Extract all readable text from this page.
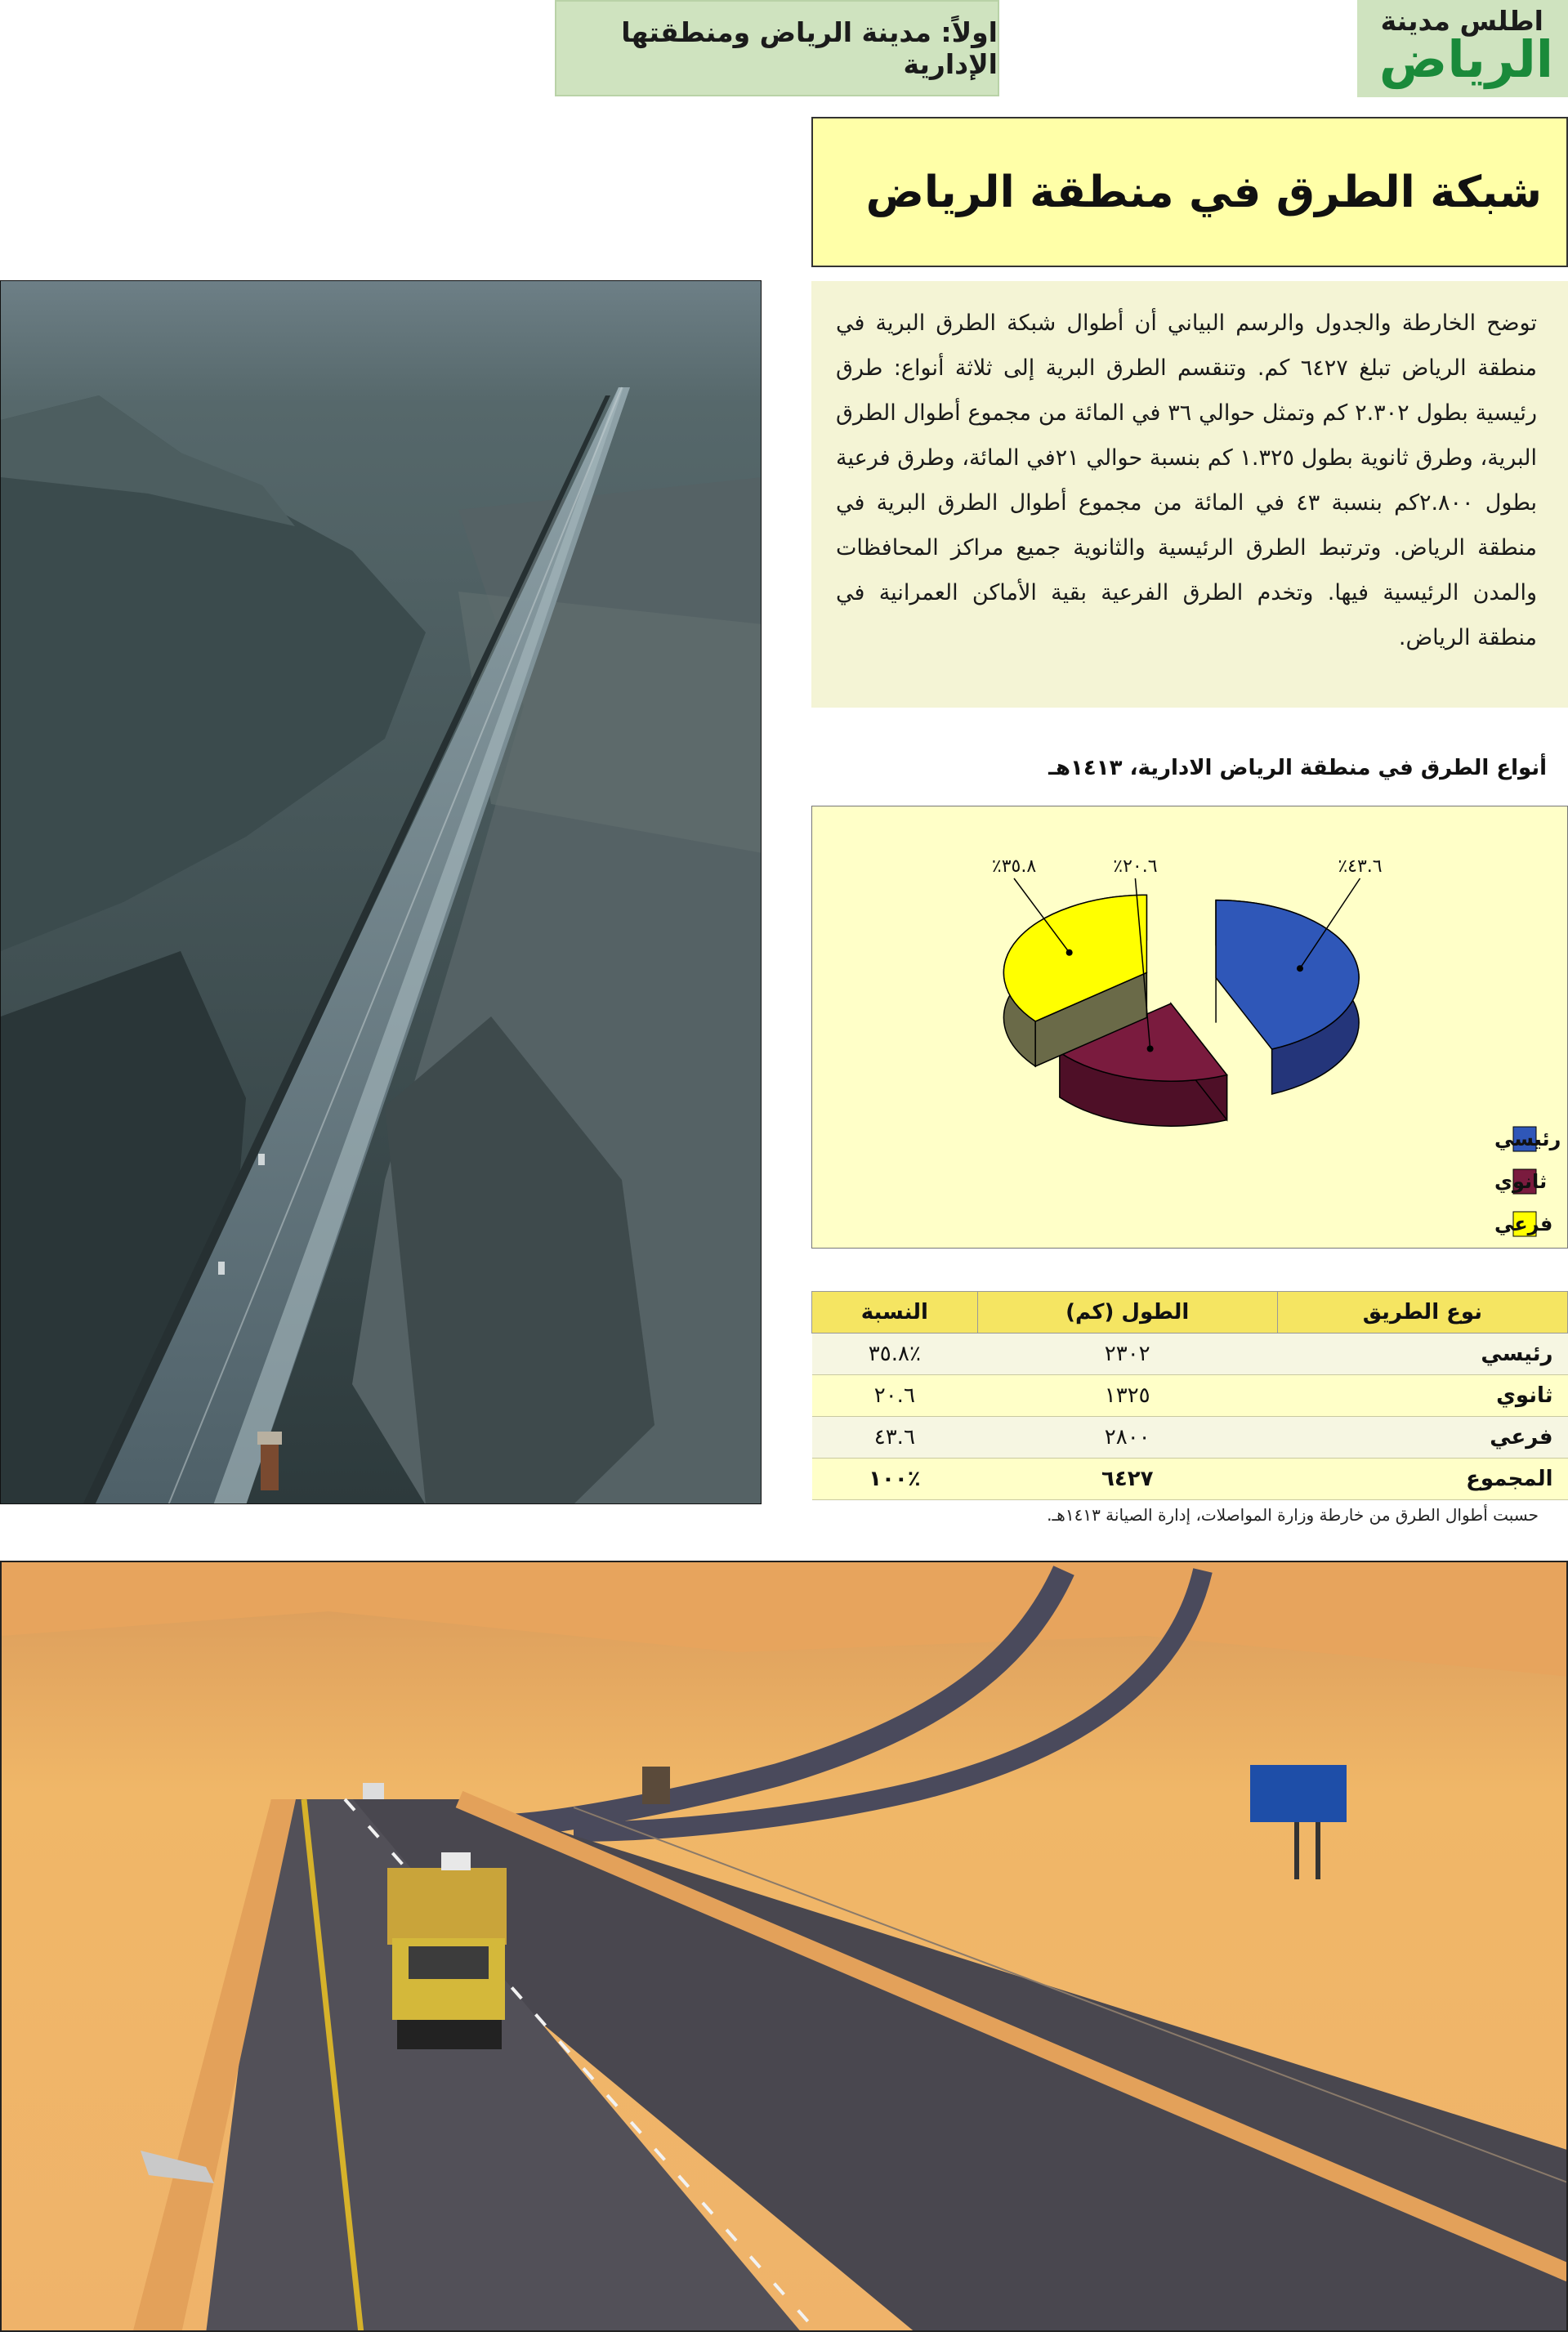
اطلس مدينة
الرياض
اولاً: مدينة الرياض ومنطقتها الإدارية
شبكة الطرق في منطقة الرياض
توضح الخارطة والجدول والرسم البياني أن أطوال شبكة الطرق البرية في منطقة الرياض تبلغ ٦٤٢٧ كم. وتنقسم الطرق البرية إلى ثلاثة أنواع: طرق رئيسية بطول ٢.٣٠٢ كم وتمثل حوالي ٣٦ في المائة من مجموع أطوال الطرق البرية، وطرق ثانوية بطول ١.٣٢٥ كم بنسبة حوالي ٢١في المائة، وطرق فرعية بطول ٢.٨٠٠كم بنسبة ٤٣ في المائة من مجموع أطوال الطرق البرية في منطقة الرياض. وترتبط الطرق الرئيسية والثانوية جميع مراكز المحافظات والمدن الرئيسية فيها. وتخدم الطرق الفرعية بقية الأماكن العمرانية في منطقة الرياض.
أنواع الطرق في منطقة الرياض الادارية، ١٤١٣هـ
٪٤٣.٦
٪٢٠.٦
٪٣٥.٨
رئيسي
ثانوي
فرعي
نوع الطريق	الطول (كم)	النسبة
رئيسي	٢٣٠٢	٪٣٥.٨
ثانوي	١٣٢٥	٢٠.٦
فرعي	٢٨٠٠	٤٣.٦
المجموع	٦٤٢٧	٪١٠٠
حسبت أطوال الطرق من خارطة وزارة المواصلات، إدارة الصيانة ١٤١٣هـ.
